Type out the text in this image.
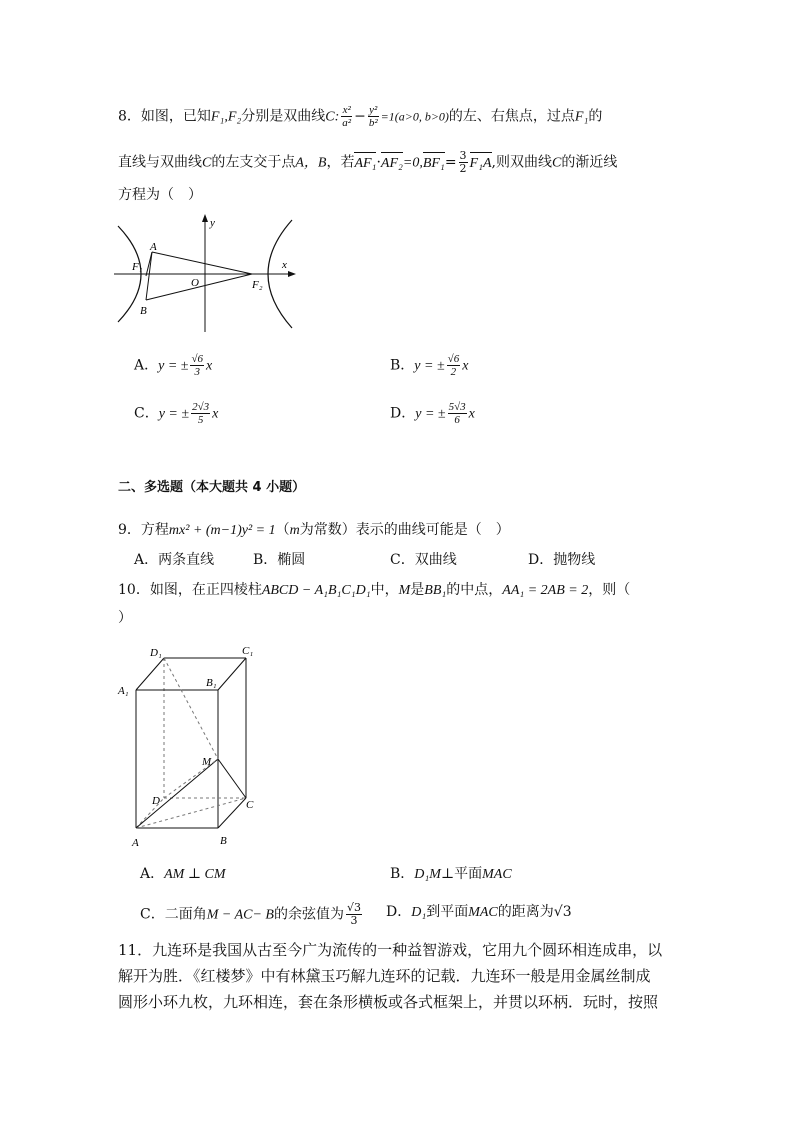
8．如图，已知F₁,F₂分别是双曲线C: $\frac{\text{x²}}{\text{a²}} - \frac{\text{y²}}{\text{b²}} =1(a>0$, b>0)的左、右焦点，过点F₁的
直线与双曲线C的左支交于点A，B，若$AF_1\cdot AF_2=0,BF_1= \frac{3}{2} F_1A$,则双曲线C的渐近线
方程为（　）
A
F₁
O	F₂
B
y
x
A．y = ± $\frac{√6}{3}$ x	B．y = ± $\frac{√6}{2}$ x
C．y = ± $\frac{2√3}{5}$ x	D．y = ± $\frac{5√3}{6}$ x
二、多选题（本大题共 4 小题）
9．方程mx² + (m−1)y² = 1（m为常数）表示的曲线可能是（　）
A．两条直线	B．椭圆	C．双曲线	D．抛物线
10．如图，在正四棱柱ABCD − A₁B₁C₁D₁中，M是BB₁的中点，AA₁ = 2AB = 2，则（
）
D₁	C₁
A₁
B₁
M
D	C
A	B
A．AM ⊥ CM	B．D₁M⊥平面MAC
C．二面角M − AC− B的余弦值为 $\frac{√3}{3}$ D．D₁到平面MAC的距离为√3
11．九连环是我国从古至今广为流传的一种益智游戏，它用九个圆环相连成串，以
解开为胜．《红楼梦》中有林黛玉巧解九连环的记载．九连环一般是用金属丝制成
圆形小环九枚，九环相连，套在条形横板或各式框架上，并贯以环柄．玩时，按照
